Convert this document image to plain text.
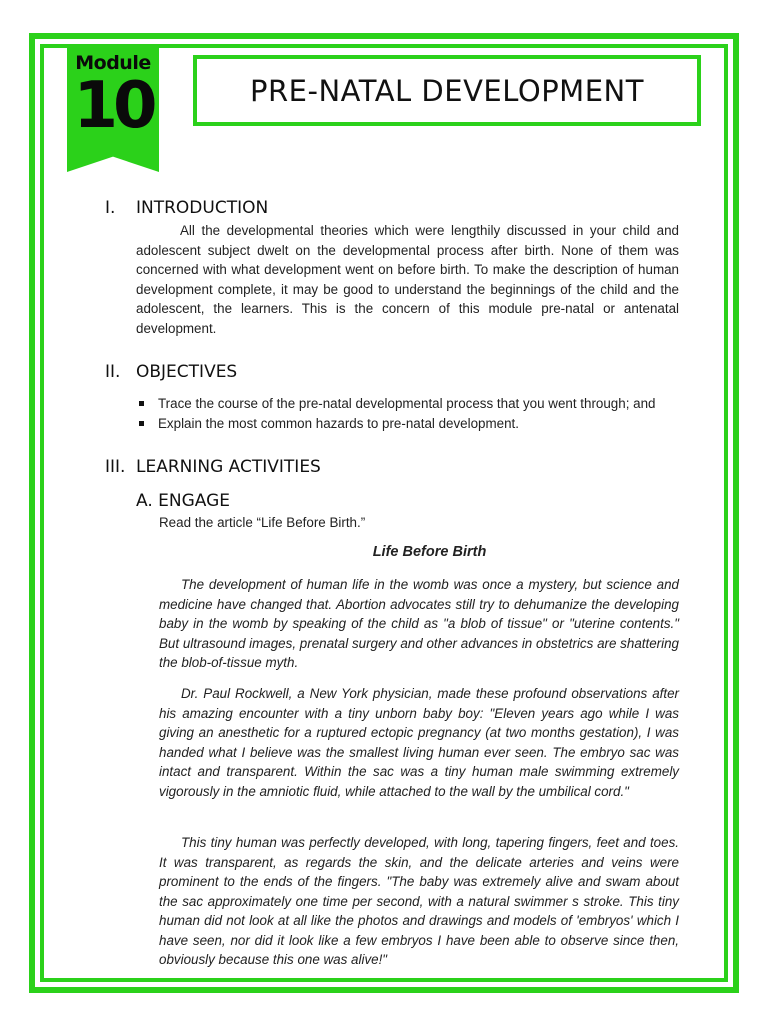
Module
10	PRE-NATAL DEVELOPMENT
I. INTRODUCTION

All the developmental theories which were lengthily discussed in your child and adolescent subject dwelt on the developmental process after birth. None of them was concerned with what development went on before birth. To make the description of human development complete, it may be good to understand the beginnings of the child and the adolescent, the learners. This is the concern of this module pre-natal or antenatal development.

II. OBJECTIVES
Trace the course of the pre-natal developmental process that you went through; and
Explain the most common hazards to pre-natal development.
III. LEARNING ACTIVITIES
A. ENGAGE
Read the article “Life Before Birth.”
Life Before Birth

The development of human life in the womb was once a mystery, but science and medicine have changed that. Abortion advocates still try to dehumanize the developing baby in the womb by speaking of the child as "a blob of tissue" or "uterine contents." But ultrasound images, prenatal surgery and other advances in obstetrics are shattering the blob-of-tissue myth.

Dr. Paul Rockwell, a New York physician, made these profound observations after his amazing encounter with a tiny unborn baby boy: "Eleven years ago while I was giving an anesthetic for a ruptured ectopic pregnancy (at two months gestation), I was handed what I believe was the smallest living human ever seen. The embryo sac was intact and transparent. Within the sac was a tiny human male swimming extremely vigorously in the amniotic fluid, while attached to the wall by the umbilical cord."

This tiny human was perfectly developed, with long, tapering fingers, feet and toes. It was transparent, as regards the skin, and the delicate arteries and veins were prominent to the ends of the fingers. "The baby was extremely alive and swam about the sac approximately one time per second, with a natural swimmer s stroke. This tiny human did not look at all like the photos and drawings and models of 'embryos' which I have seen, nor did it look like a few embryos I have been able to observe since then, obviously because this one was alive!"
